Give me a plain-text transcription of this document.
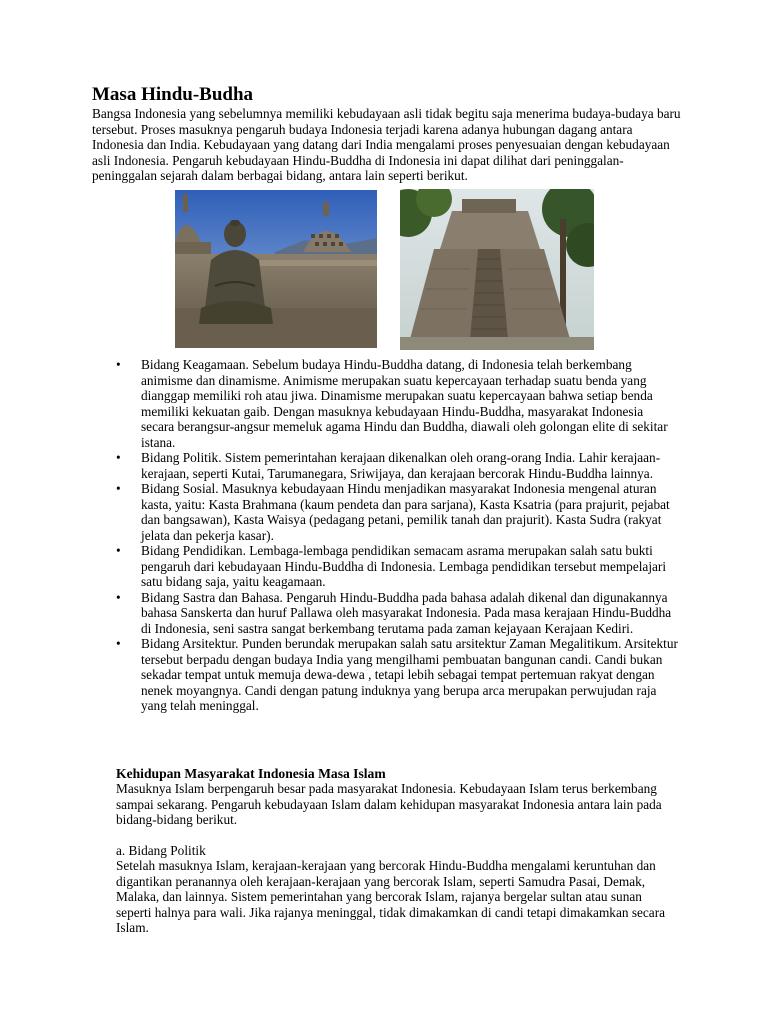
Masa Hindu-Budha

Bangsa Indonesia yang sebelumnya memiliki kebudayaan asli tidak begitu saja menerima budaya-budaya baru tersebut. Proses masuknya pengaruh budaya Indonesia terjadi karena adanya hubungan dagang antara Indonesia dan India. Kebudayaan yang datang dari India mengalami proses penyesuaian dengan kebudayaan asli Indonesia. Pengaruh kebudayaan Hindu-Buddha di Indonesia ini dapat dilihat dari peninggalan-peninggalan sejarah dalam berbagai bidang, antara lain seperti berikut.

• Bidang Keagamaan. Sebelum budaya Hindu-Buddha datang, di Indonesia telah berkembang animisme dan dinamisme. Animisme merupakan suatu kepercayaan terhadap suatu benda yang dianggap memiliki roh atau jiwa. Dinamisme merupakan suatu kepercayaan bahwa setiap benda memiliki kekuatan gaib. Dengan masuknya kebudayaan Hindu-Buddha, masyarakat Indonesia secara berangsur-angsur memeluk agama Hindu dan Buddha, diawali oleh golongan elite di sekitar istana.
• Bidang Politik. Sistem pemerintahan kerajaan dikenalkan oleh orang-orang India. Lahir kerajaan-kerajaan, seperti Kutai, Tarumanegara, Sriwijaya, dan kerajaan bercorak Hindu-Buddha lainnya.
• Bidang Sosial. Masuknya kebudayaan Hindu menjadikan masyarakat Indonesia mengenal aturan kasta, yaitu: Kasta Brahmana (kaum pendeta dan para sarjana), Kasta Ksatria (para prajurit, pejabat dan bangsawan), Kasta Waisya (pedagang petani, pemilik tanah dan prajurit). Kasta Sudra (rakyat jelata dan pekerja kasar).
• Bidang Pendidikan. Lembaga-lembaga pendidikan semacam asrama merupakan salah satu bukti pengaruh dari kebudayaan Hindu-Buddha di Indonesia. Lembaga pendidikan tersebut mempelajari satu bidang saja, yaitu keagamaan.
• Bidang Sastra dan Bahasa. Pengaruh Hindu-Buddha pada bahasa adalah dikenal dan digunakannya bahasa Sanskerta dan huruf Pallawa oleh masyarakat Indonesia. Pada masa kerajaan Hindu-Buddha di Indonesia, seni sastra sangat berkembang terutama pada zaman kejayaan Kerajaan Kediri.
• Bidang Arsitektur. Punden berundak merupakan salah satu arsitektur Zaman Megalitikum. Arsitektur tersebut berpadu dengan budaya India yang mengilhami pembuatan bangunan candi. Candi bukan sekadar tempat untuk memuja dewa-dewa , tetapi lebih sebagai tempat pertemuan rakyat dengan nenek moyangnya. Candi dengan patung induknya yang berupa arca merupakan perwujudan raja yang telah meninggal.
Kehidupan Masyarakat Indonesia Masa Islam

Masuknya Islam berpengaruh besar pada masyarakat Indonesia. Kebudayaan Islam terus berkembang sampai sekarang. Pengaruh kebudayaan Islam dalam kehidupan masyarakat Indonesia antara lain pada bidang-bidang berikut.

a. Bidang Politik

Setelah masuknya Islam, kerajaan-kerajaan yang bercorak Hindu-Buddha mengalami keruntuhan dan digantikan peranannya oleh kerajaan-kerajaan yang bercorak Islam, seperti Samudra Pasai, Demak, Malaka, dan lainnya. Sistem pemerintahan yang bercorak Islam, rajanya bergelar sultan atau sunan seperti halnya para wali. Jika rajanya meninggal, tidak dimakamkan di candi tetapi dimakamkan secara Islam.
